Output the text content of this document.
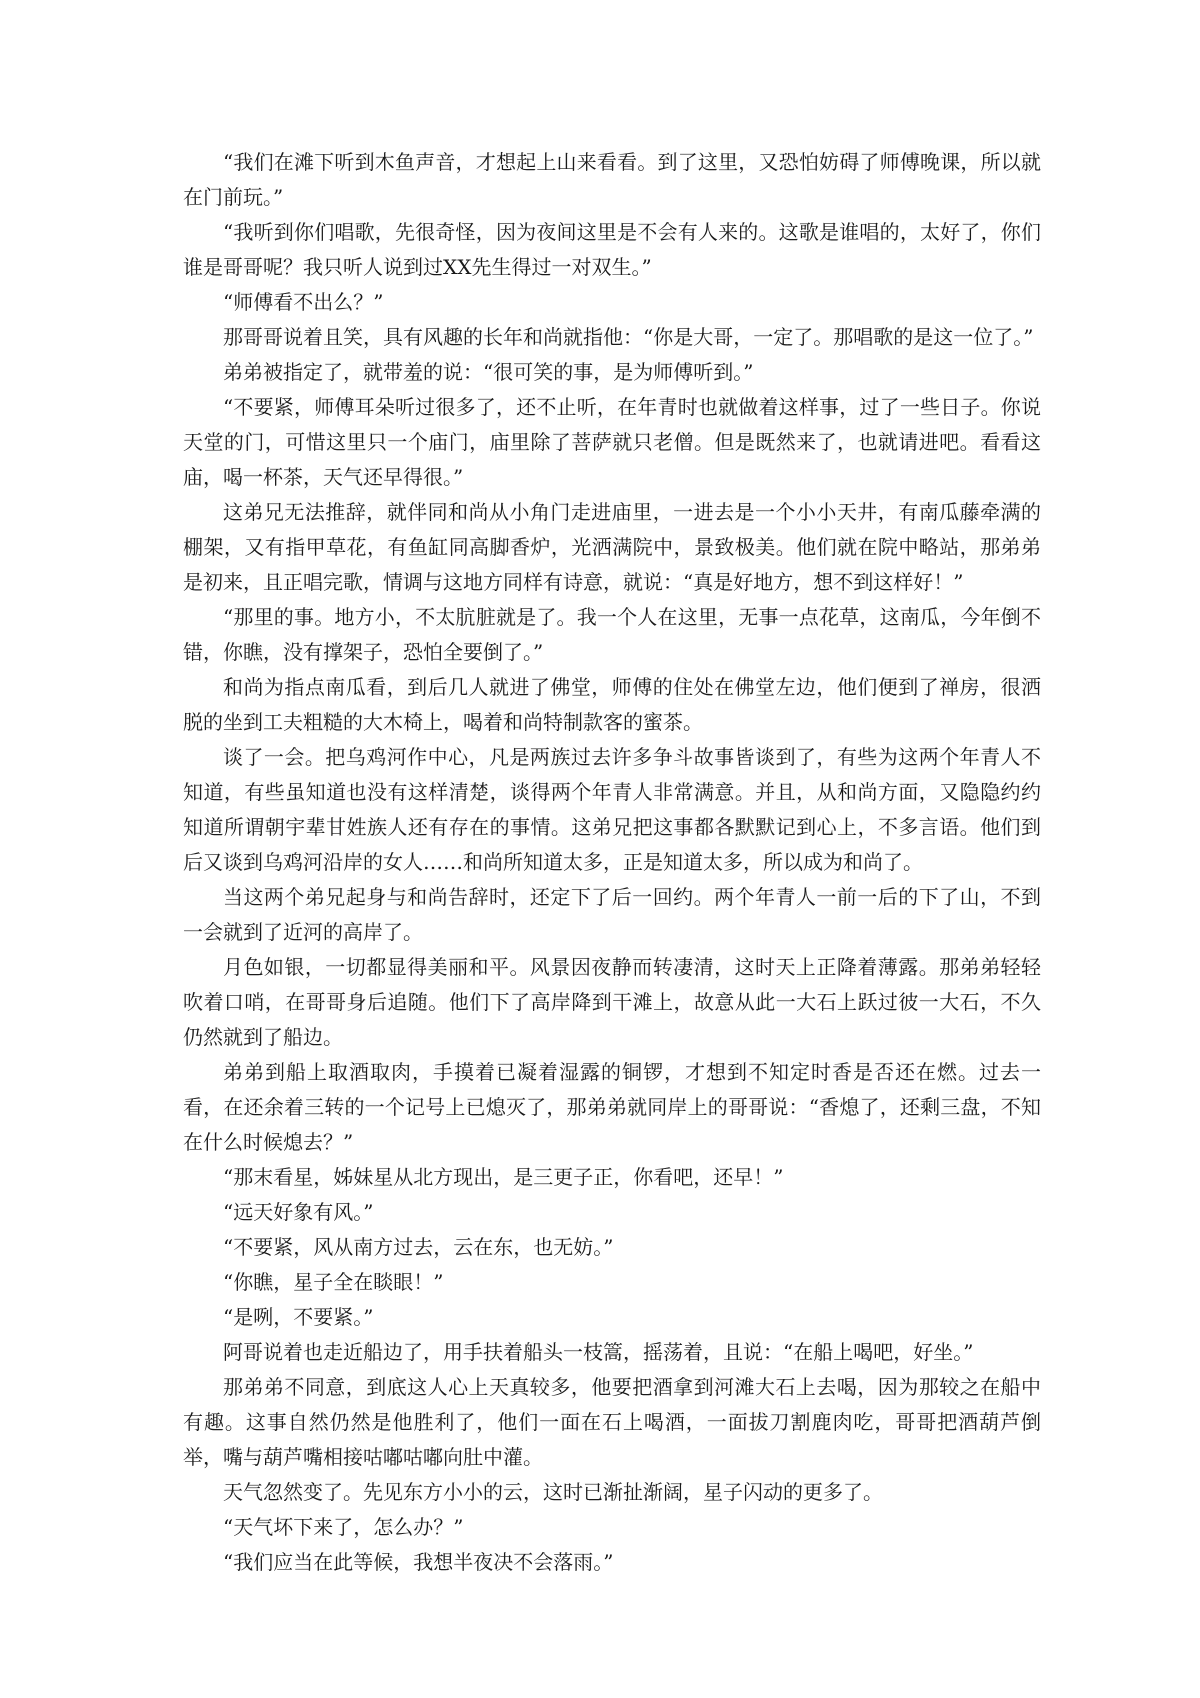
“我们在滩下听到木鱼声音，才想起上山来看看。到了这里，又恐怕妨碍了师傅晚课，所以就在门前玩。”

“我听到你们唱歌，先很奇怪，因为夜间这里是不会有人来的。这歌是谁唱的，太好了，你们谁是哥哥呢？我只听人说到过XX先生得过一对双生。”

“师傅看不出么？”

那哥哥说着且笑，具有风趣的长年和尚就指他：“你是大哥，一定了。那唱歌的是这一位了。”

弟弟被指定了，就带羞的说：“很可笑的事，是为师傅听到。”

“不要紧，师傅耳朵听过很多了，还不止听，在年青时也就做着这样事，过了一些日子。你说天堂的门，可惜这里只一个庙门，庙里除了菩萨就只老僧。但是既然来了，也就请进吧。看看这庙，喝一杯茶，天气还早得很。”

这弟兄无法推辞，就伴同和尚从小角门走进庙里，一进去是一个小小天井，有南瓜藤牵满的棚架，又有指甲草花，有鱼缸同高脚香炉，光洒满院中，景致极美。他们就在院中略站，那弟弟是初来，且正唱完歌，情调与这地方同样有诗意，就说：“真是好地方，想不到这样好！”

“那里的事。地方小，不太肮脏就是了。我一个人在这里，无事一点花草，这南瓜，今年倒不错，你瞧，没有撑架子，恐怕全要倒了。”

和尚为指点南瓜看，到后几人就进了佛堂，师傅的住处在佛堂左边，他们便到了禅房，很洒脱的坐到工夫粗糙的大木椅上，喝着和尚特制款客的蜜茶。

谈了一会。把乌鸡河作中心，凡是两族过去许多争斗故事皆谈到了，有些为这两个年青人不知道，有些虽知道也没有这样清楚，谈得两个年青人非常满意。并且，从和尚方面，又隐隐约约知道所谓朝宇辈甘姓族人还有存在的事情。这弟兄把这事都各默默记到心上，不多言语。他们到后又谈到乌鸡河沿岸的女人……和尚所知道太多，正是知道太多，所以成为和尚了。

当这两个弟兄起身与和尚告辞时，还定下了后一回约。两个年青人一前一后的下了山，不到一会就到了近河的高岸了。

月色如银，一切都显得美丽和平。风景因夜静而转凄清，这时天上正降着薄露。那弟弟轻轻吹着口哨，在哥哥身后追随。他们下了高岸降到干滩上，故意从此一大石上跃过彼一大石，不久仍然就到了船边。

弟弟到船上取酒取肉，手摸着已凝着湿露的铜锣，才想到不知定时香是否还在燃。过去一看，在还余着三转的一个记号上已熄灭了，那弟弟就同岸上的哥哥说：“香熄了，还剩三盘，不知在什么时候熄去？”

“那末看星，姊妹星从北方现出，是三更子正，你看吧，还早！”

“远天好象有风。”

“不要紧，风从南方过去，云在东，也无妨。”

“你瞧，星子全在睒眼！”

“是咧，不要紧。”

阿哥说着也走近船边了，用手扶着船头一枝篙，摇荡着，且说：“在船上喝吧，好坐。”

那弟弟不同意，到底这人心上天真较多，他要把酒拿到河滩大石上去喝，因为那较之在船中有趣。这事自然仍然是他胜利了，他们一面在石上喝酒，一面拔刀割鹿肉吃，哥哥把酒葫芦倒举，嘴与葫芦嘴相接咕嘟咕嘟向肚中灌。

天气忽然变了。先见东方小小的云，这时已渐扯渐阔，星子闪动的更多了。

“天气坏下来了，怎么办？”

“我们应当在此等候，我想半夜决不会落雨。”
